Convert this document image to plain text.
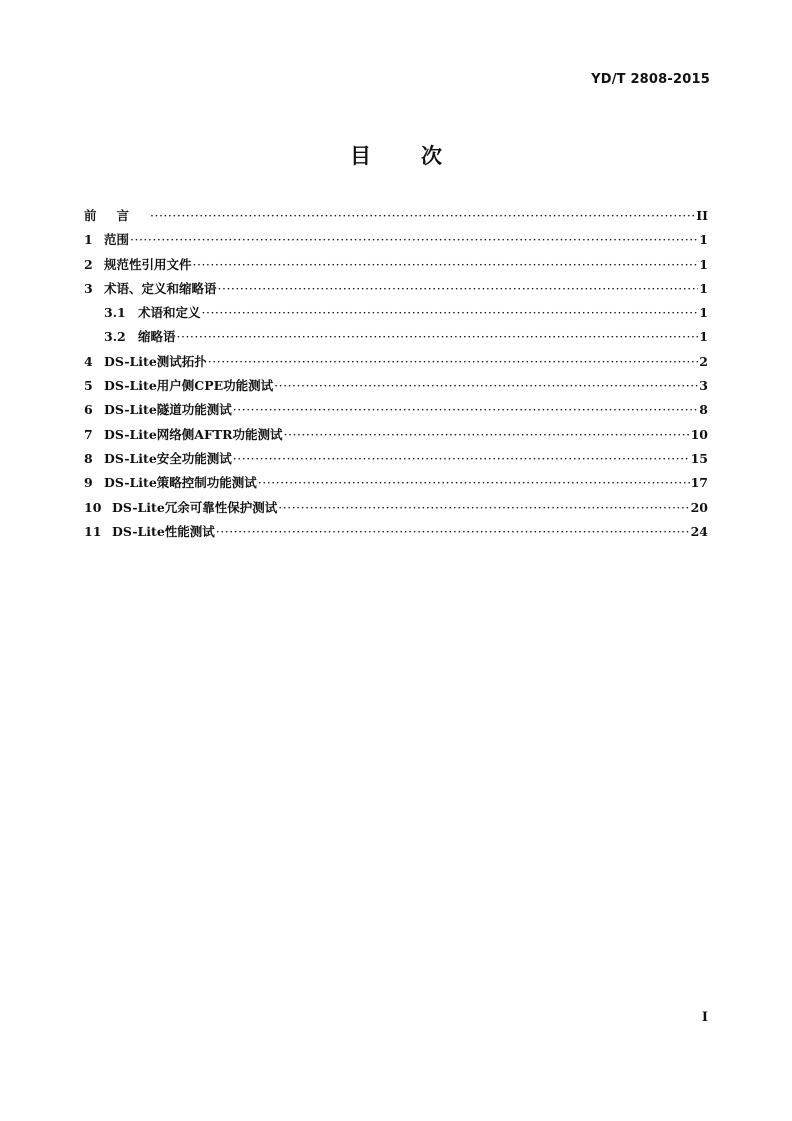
YD/T 2808-2015
目次
前言 ·····	II
1 范围 ·····	1
2 规范性引用文件 ·····	1
3 术语、定义和缩略语 ·····	1
3.1 术语和定义 ·····	1
3.2 缩略语 ·····	1
4 DS-Lite测试拓扑 ·····	2
5 DS-Lite用户侧CPE功能测试 ·····	3
6 DS-Lite隧道功能测试 ·····	8
7 DS-Lite网络侧AFTR功能测试 ·····	10
8 DS-Lite安全功能测试 ·····	15
9 DS-Lite策略控制功能测试 ·····	17
10 DS-Lite冗余可靠性保护测试 ·····	20
11 DS-Lite性能测试 ·····	24
I
